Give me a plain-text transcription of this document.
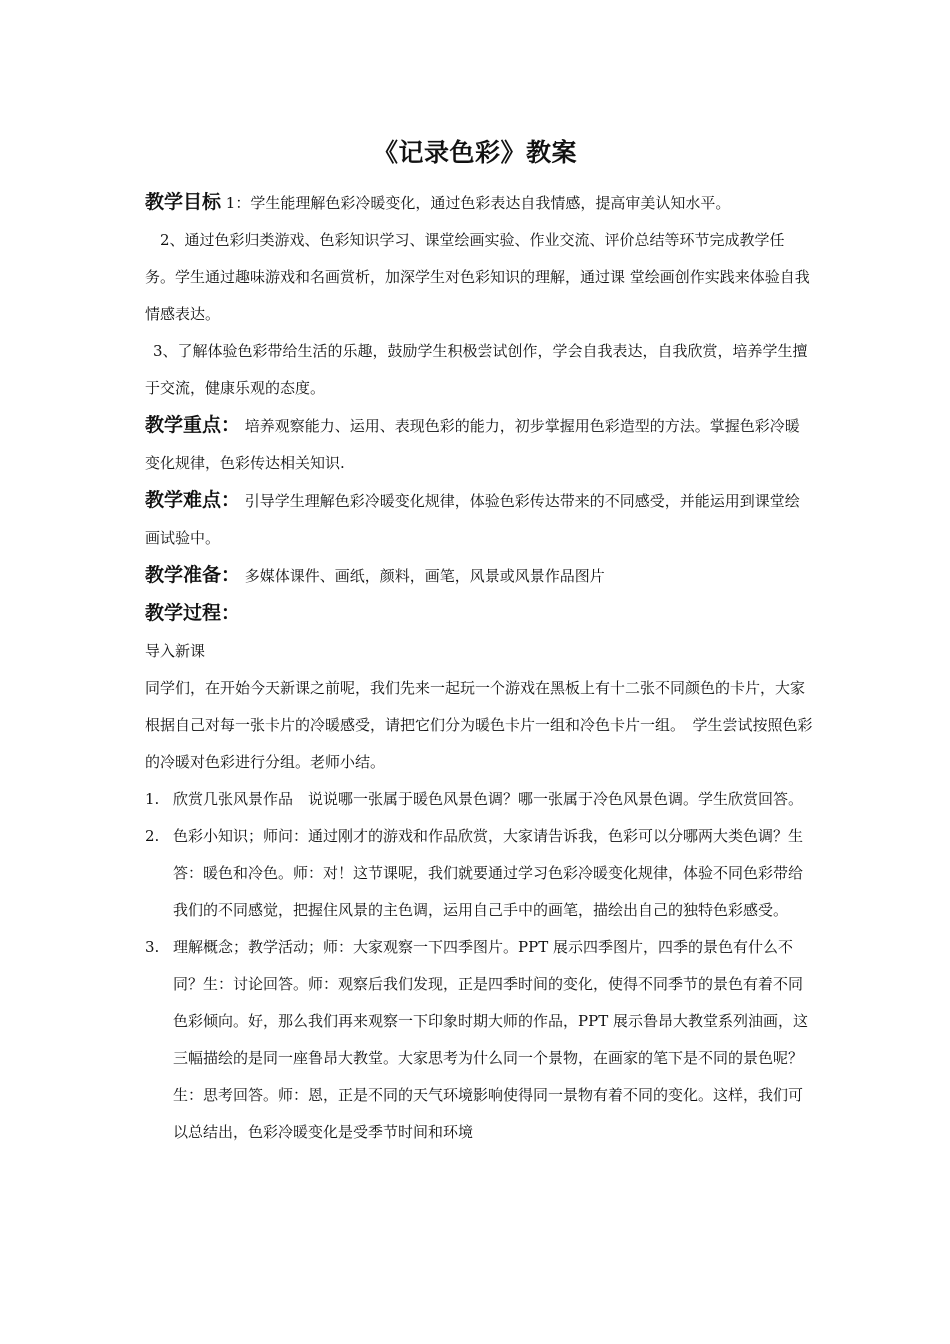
《记录色彩》教案

教学目标 1：学生能理解色彩冷暖变化，通过色彩表达自我情感，提高审美认知水平。

2、通过色彩归类游戏、色彩知识学习、课堂绘画实验、作业交流、评价总结等环节完成教学任务。学生通过趣味游戏和名画赏析，加深学生对色彩知识的理解，通过课 堂绘画创作实践来体验自我情感表达。

3、了解体验色彩带给生活的乐趣，鼓励学生积极尝试创作，学会自我表达，自我欣赏，培养学生擅于交流，健康乐观的态度。

教学重点： 培养观察能力、运用、表现色彩的能力，初步掌握用色彩造型的方法。掌握色彩冷暖变化规律，色彩传达相关知识.

教学难点： 引导学生理解色彩冷暖变化规律，体验色彩传达带来的不同感受，并能运用到课堂绘画试验中。

教学准备： 多媒体课件、画纸，颜料，画笔，风景或风景作品图片

教学过程：

导入新课

同学们，在开始今天新课之前呢，我们先来一起玩一个游戏在黑板上有十二张不同颜色的卡片，大家根据自己对每一张卡片的冷暖感受，请把它们分为暖色卡片一组和冷色卡片一组。　学生尝试按照色彩的冷暖对色彩进行分组。老师小结。

1. 欣赏几张风景作品　说说哪一张属于暖色风景色调？哪一张属于冷色风景色调。学生欣赏回答。
2. 色彩小知识；师问：通过刚才的游戏和作品欣赏，大家请告诉我，色彩可以分哪两大类色调？生答：暖色和冷色。师：对！这节课呢，我们就要通过学习色彩冷暖变化规律，体验不同色彩带给我们的不同感觉，把握住风景的主色调，运用自己手中的画笔，描绘出自己的独特色彩感受。
3. 理解概念；教学活动；师：大家观察一下四季图片。PPT 展示四季图片，四季的景色有什么不同？生：讨论回答。师：观察后我们发现，正是四季时间的变化，使得不同季节的景色有着不同色彩倾向。好，那么我们再来观察一下印象时期大师的作品，PPT 展示鲁昂大教堂系列油画，这三幅描绘的是同一座鲁昂大教堂。大家思考为什么同一个景物，在画家的笔下是不同的景色呢？生：思考回答。师：恩，正是不同的天气环境影响使得同一景物有着不同的变化。这样，我们可以总结出，色彩冷暖变化是受季节时间和环境
